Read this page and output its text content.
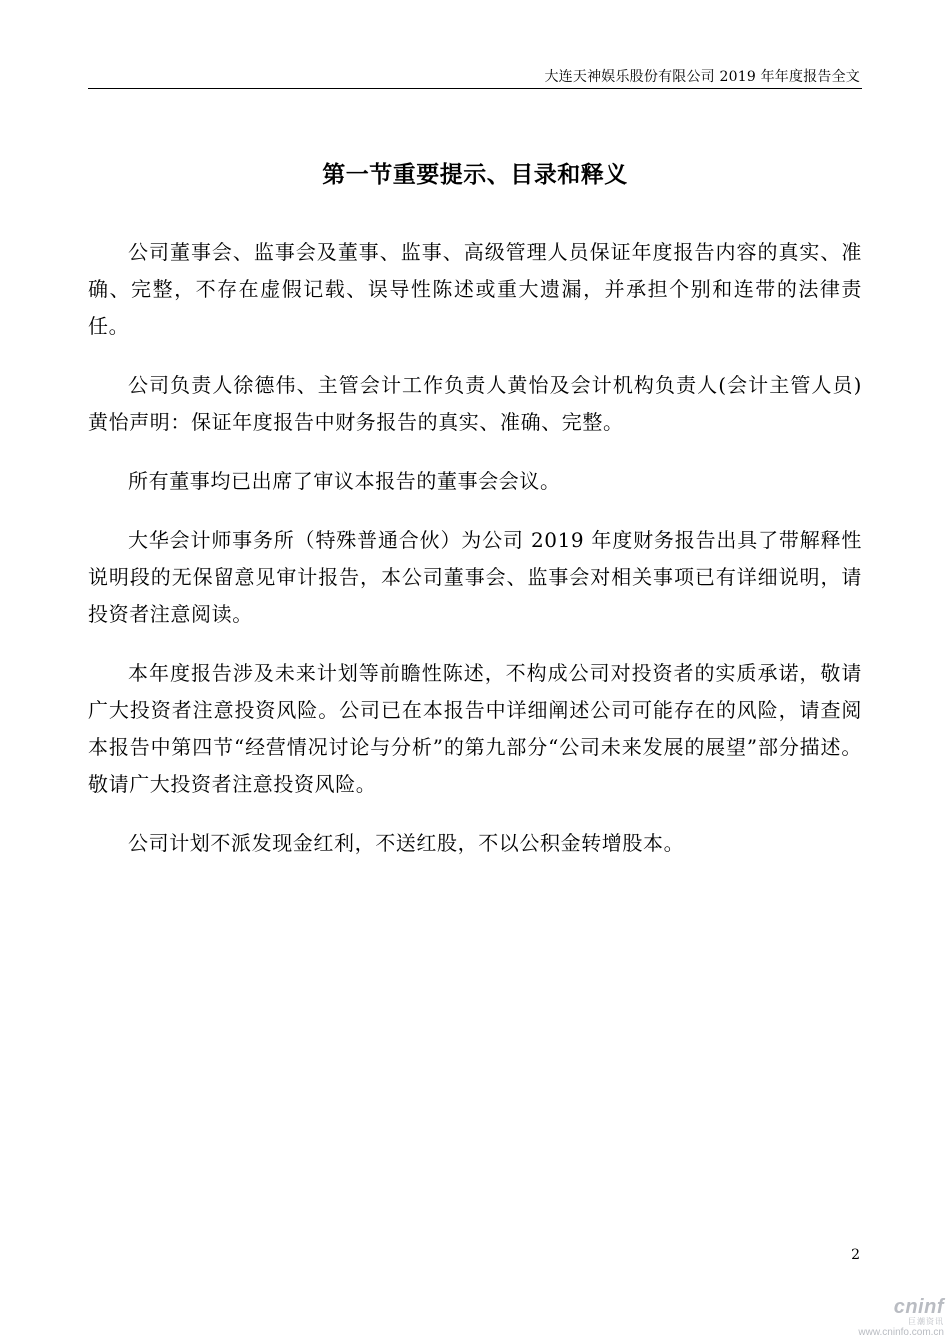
大连天神娱乐股份有限公司 2019 年年度报告全文
第一节重要提示、目录和释义

公司董事会、监事会及董事、监事、高级管理人员保证年度报告内容的真实、准确、完整，不存在虚假记载、误导性陈述或重大遗漏，并承担个别和连带的法律责任。

公司负责人徐德伟、主管会计工作负责人黄怡及会计机构负责人(会计主管人员)黄怡声明：保证年度报告中财务报告的真实、准确、完整。

所有董事均已出席了审议本报告的董事会会议。

大华会计师事务所（特殊普通合伙）为公司 2019 年度财务报告出具了带解释性说明段的无保留意见审计报告，本公司董事会、监事会对相关事项已有详细说明，请投资者注意阅读。

本年度报告涉及未来计划等前瞻性陈述，不构成公司对投资者的实质承诺，敬请广大投资者注意投资风险。公司已在本报告中详细阐述公司可能存在的风险，请查阅本报告中第四节“经营情况讨论与分析”的第九部分“公司未来发展的展望”部分描述。敬请广大投资者注意投资风险。

公司计划不派发现金红利，不送红股，不以公积金转增股本。

2
cninf
巨潮资讯
www.cninfo.com.cn
